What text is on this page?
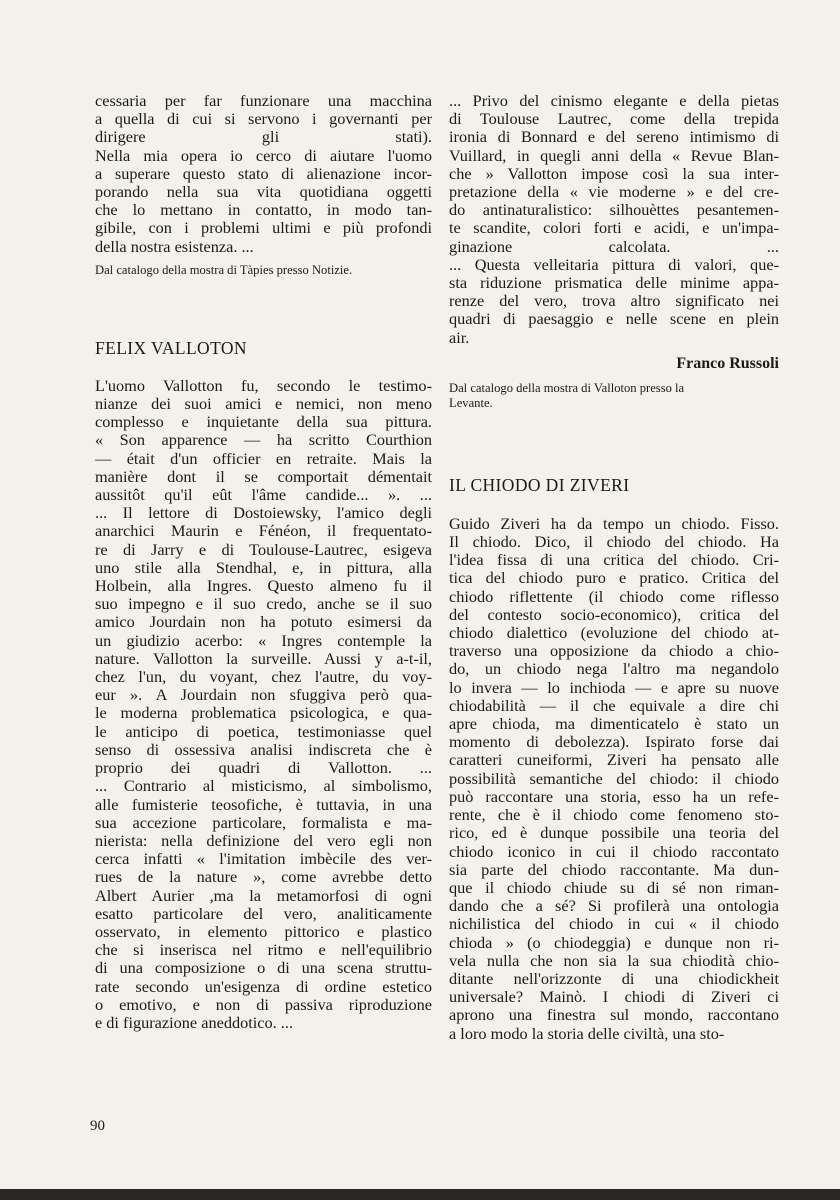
cessaria per far funzionare una macchina
a quella di cui si servono i governanti per
dirigere gli stati).
Nella mia opera io cerco di aiutare l'uomo
a superare questo stato di alienazione incor-
porando nella sua vita quotidiana oggetti
che lo mettano in contatto, in modo tan-
gibile, con i problemi ultimi e più profondi
della nostra esistenza. ...

Dal catalogo della mostra di Tàpies presso Notizie.

FELIX VALLOTON
L'uomo Vallotton fu, secondo le testimo-
nianze dei suoi amici e nemici, non meno
complesso e inquietante della sua pittura.
« Son apparence — ha scritto Courthion
— était d'un officier en retraite. Mais la
manière dont il se comportait démentait
aussitôt qu'il eût l'âme candide... ». ...
... Il lettore di Dostoiewsky, l'amico degli
anarchici Maurin e Fénéon, il frequentato-
re di Jarry e di Toulouse-Lautrec, esigeva
uno stile alla Stendhal, e, in pittura, alla
Holbein, alla Ingres. Questo almeno fu il
suo impegno e il suo credo, anche se il suo
amico Jourdain non ha potuto esimersi da
un giudizio acerbo: « Ingres contemple la
nature. Vallotton la surveille. Aussi y a-t-il,
chez l'un, du voyant, chez l'autre, du voy-
eur ». A Jourdain non sfuggiva però qua-
le moderna problematica psicologica, e qua-
le anticipo di poetica, testimoniasse quel
senso di ossessiva analisi indiscreta che è
proprio dei quadri di Vallotton. ...
... Contrario al misticismo, al simbolismo,
alle fumisterie teosofiche, è tuttavia, in una
sua accezione particolare, formalista e ma-
nierista: nella definizione del vero egli non
cerca infatti « l'imitation imbècile des ver-
rues de la nature », come avrebbe detto
Albert Aurier ,ma la metamorfosi di ogni
esatto particolare del vero, analiticamente
osservato, in elemento pittorico e plastico
che si inserisca nel ritmo e nell'equilibrio
di una composizione o di una scena struttu-
rate secondo un'esigenza di ordine estetico
o emotivo, e non di passiva riproduzione
e di figurazione aneddotico. ...
... Privo del cinismo elegante e della pietas
di Toulouse Lautrec, come della trepida
ironia di Bonnard e del sereno intimismo di
Vuillard, in quegli anni della « Revue Blan-
che » Vallotton impose così la sua inter-
pretazione della « vie moderne » e del cre-
do antinaturalistico: silhouèttes pesantemen-
te scandite, colori forti e acidi, e un'impa-
ginazione calcolata. ...
... Questa velleitaria pittura di valori, que-
sta riduzione prismatica delle minime appa-
renze del vero, trova altro significato nei
quadri di paesaggio e nelle scene en plein
air.

Franco Russoli

Dal catalogo della mostra di Valloton presso la
Levante.
IL CHIODO DI ZIVERI
Guido Ziveri ha da tempo un chiodo. Fisso.
Il chiodo. Dico, il chiodo del chiodo. Ha
l'idea fissa di una critica del chiodo. Cri-
tica del chiodo puro e pratico. Critica del
chiodo riflettente (il chiodo come riflesso
del contesto socio-economico), critica del
chiodo dialettico (evoluzione del chiodo at-
traverso una opposizione da chiodo a chio-
do, un chiodo nega l'altro ma negandolo
lo invera — lo inchioda — e apre su nuove
chiodabilità — il che equivale a dire chi
apre chioda, ma dimenticatelo è stato un
momento di debolezza). Ispirato forse dai
caratteri cuneiformi, Ziveri ha pensato alle
possibilità semantiche del chiodo: il chiodo
può raccontare una storia, esso ha un refe-
rente, che è il chiodo come fenomeno sto-
rico, ed è dunque possibile una teoria del
chiodo iconico in cui il chiodo raccontato
sia parte del chiodo raccontante. Ma dun-
que il chiodo chiude su di sé non riman-
dando che a sé? Si profilerà una ontologia
nichilistica del chiodo in cui « il chiodo
chioda » (o chiodeggia) e dunque non ri-
vela nulla che non sia la sua chiodità chio-
ditante nell'orizzonte di una chiodickheit
universale? Mainò. I chiodi di Ziveri ci
aprono una finestra sul mondo, raccontano
a loro modo la storia delle civiltà, una sto-
90
